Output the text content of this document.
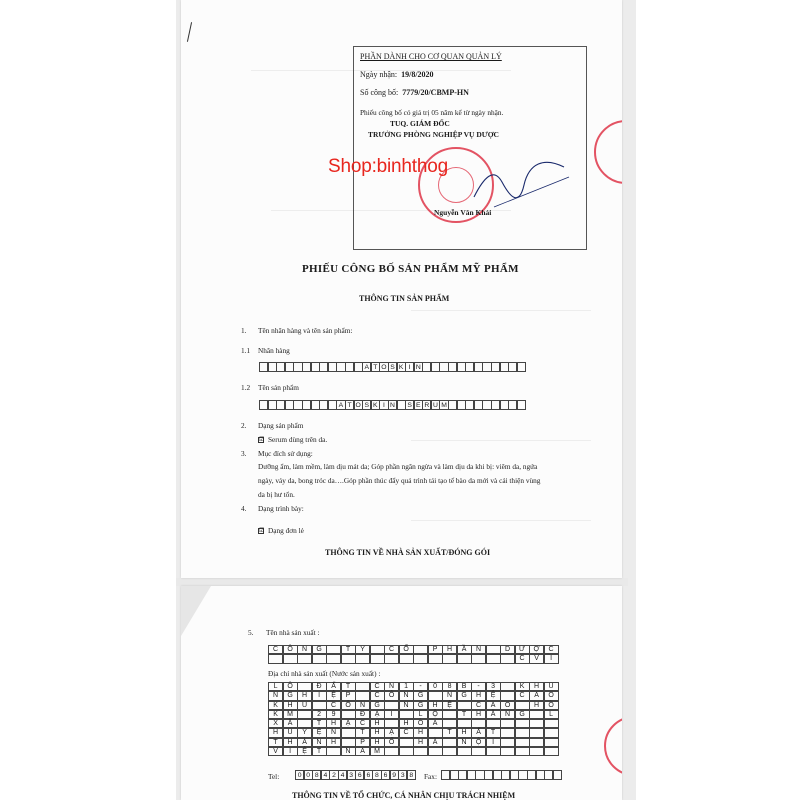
PHẦN DÀNH CHO CƠ QUAN QUẢN LÝ
Ngày nhận: 19/8/2020
Số công bố: 7779/20/CBMP-HN
Phiếu công bố có giá trị 05 năm kể từ ngày nhận.
TUQ. GIÁM ĐỐC
TRƯỞNG PHÒNG NGHIỆP VỤ DƯỢC
Nguyễn Văn Khải
Shop:binhthog
PHIẾU CÔNG BỐ SẢN PHẨM MỸ PHẨM
THÔNG TIN SẢN PHẨM
1. Tên nhãn hàng và tên sản phẩm:
1.1 Nhãn hàng
A T O S K I N
1.2 Tên sản phẩm
A T O S K I N	S E R U M
2. Dạng sản phẩm
☑ Serum dùng trên da.
3. Mục đích sử dụng:
Dưỡng ẩm, làm mềm, làm dịu mát da; Góp phần ngăn ngừa và làm dịu da khi bị: viêm da, ngứa
ngày, vảy da, bong tróc da….Góp phần thúc đẩy quá trình tái tạo tế bào da mới và cải thiện vùng
da bị hư tổn.
4. Dạng trình bày:
☑ Dạng đơn lẻ
THÔNG TIN VỀ NHÀ SẢN XUẤT/ĐÓNG GÓI
5. Tên nhà sản xuất :
C	Ô	N	G	T	Y	C	Ổ	P	H	Ầ	N	D	Ư	Ợ	C
C	V	I
Địa chỉ nhà sản xuất (Nước sản xuất) :
L	Ô	Đ	Ấ	T	C	N	1	-	0	8	B	-	3	K	H	U
N	G	H	I	Ệ	P	C	Ô	N	G	N	G	H	Ệ	C	A	O
K	H	U	C	Ô	N	G	N	G	H	Ệ	C	A	O	H	Ò
K	M	2	9	Đ	Ạ	I	L	Ộ	T	H	Ă	N	G	L
X	Ã	T	H	Ạ	C	H	H	Ò	A
H	U	Y	Ệ	N	T	H	Ạ	C	H	T	H	Ấ	T
T	H	À	N	H	P	H	Ố	H	À	N	Ộ	I
V	I	Ệ	T	N	A	M
Tel:	0 0 8 4 2 4 3 6 6 8 6 9 3 8	Fax:
THÔNG TIN VỀ TỔ CHỨC, CÁ NHÂN CHỊU TRÁCH NHIỆM
